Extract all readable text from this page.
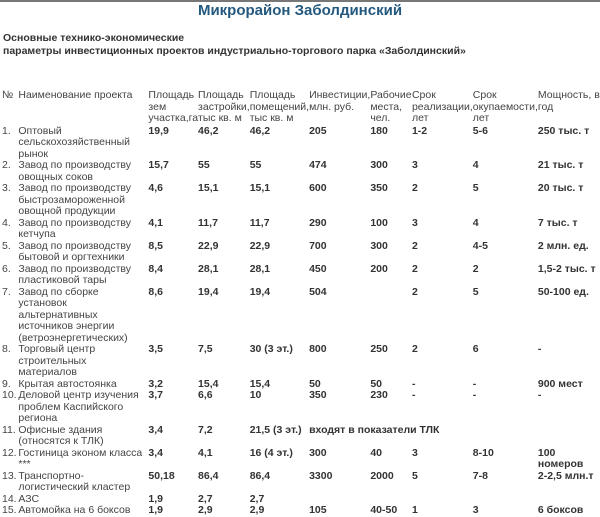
Микрорайон Заболдинский
Основные технико-экономические
параметры инвестиционных проектов индустриально-торгового парка «Заболдинский»
№	Наименование проекта	Площадь зем участка,га	Площадь застройки, тыс кв. м	Площадь помещений, тыс кв. м	Инвестиции, млн. руб.	Рабочие места, чел.	Срок реализации, лет	Срок окупаемости, лет	Мощность, в год
1.	Оптовый сельскохозяйственный рынок	19,9	46,2	46,2	205	180	1-2	5-6	250 тыс. т
2.	Завод по производству овощных соков	15,7	55	55	474	300	3	4	21 тыс. т
3.	Завод по производству быстрозамороженной овощной продукции	4,6	15,1	15,1	600	350	2	5	20 тыс. т
4.	Завод по производству кетчупа	4,1	11,7	11,7	290	100	3	4	7 тыс. т
5.	Завод по производству бытовой и оргтехники	8,5	22,9	22,9	700	300	2	4-5	2 млн. ед.
6.	Завод по производству пластиковой тары	8,4	28,1	28,1	450	200	2	2	1,5-2 тыс. т
7.	Завод по сборке установок альтернативных источников энергии (ветроэнергетических)	8,6	19,4	19,4	504		2	5	50-100 ед.
8.	Торговый центр строительных материалов	3,5	7,5	30 (3 эт.)	800	250	2	6	-
9.	Крытая автостоянка	3,2	15,4	15,4	50	50	-	-	900 мест
10.	Деловой центр изучения проблем Каспийского региона	3,7	6,6	10	350	230	-	-	-
11.	Офисные здания (относятся к ТЛК)	3,4	7,2	21,5 (3 эт.)	входят в показатели ТЛК				
12.	Гостиница эконом класса ***	3,4	4,1	16 (4 эт.)	300	40	3	8-10	100 номеров
13.	Транспортно-логистический кластер	50,18	86,4	86,4	3300	2000	5	7-8	2-2,5 млн.т
14.	АЗС	1,9	2,7	2,7					
15.	Автомойка на 6 боксов	1,9	2,9	2,9	105	40-50	1	3	6 боксов
